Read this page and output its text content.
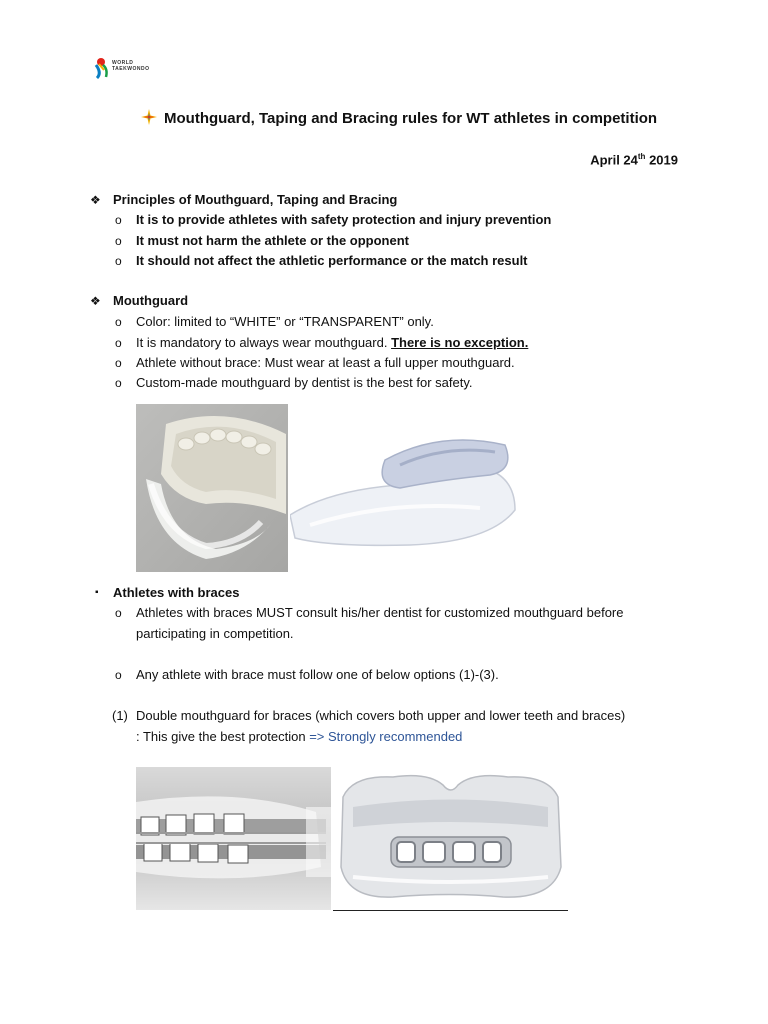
WORLD
TAEKWONDO
Mouthguard, Taping and Bracing rules for WT athletes in competition
April 24th 2019
❖ Principles of Mouthguard, Taping and Bracing
o It is to provide athletes with safety protection and injury prevention
o It must not harm the athlete or the opponent
o It should not affect the athletic performance or the match result
❖ Mouthguard
o Color: limited to “WHITE” or “TRANSPARENT” only.
o It is mandatory to always wear mouthguard. There is no exception.
o Athlete without brace: Must wear at least a full upper mouthguard.
o Custom-made mouthguard by dentist is the best for safety.
▪ Athletes with braces
o Athletes with braces MUST consult his/her dentist for customized mouthguard before
participating in competition.
o Any athlete with brace must follow one of below options (1)-(3).
(1) Double mouthguard for braces (which covers both upper and lower teeth and braces)
: This give the best protection => Strongly recommended
